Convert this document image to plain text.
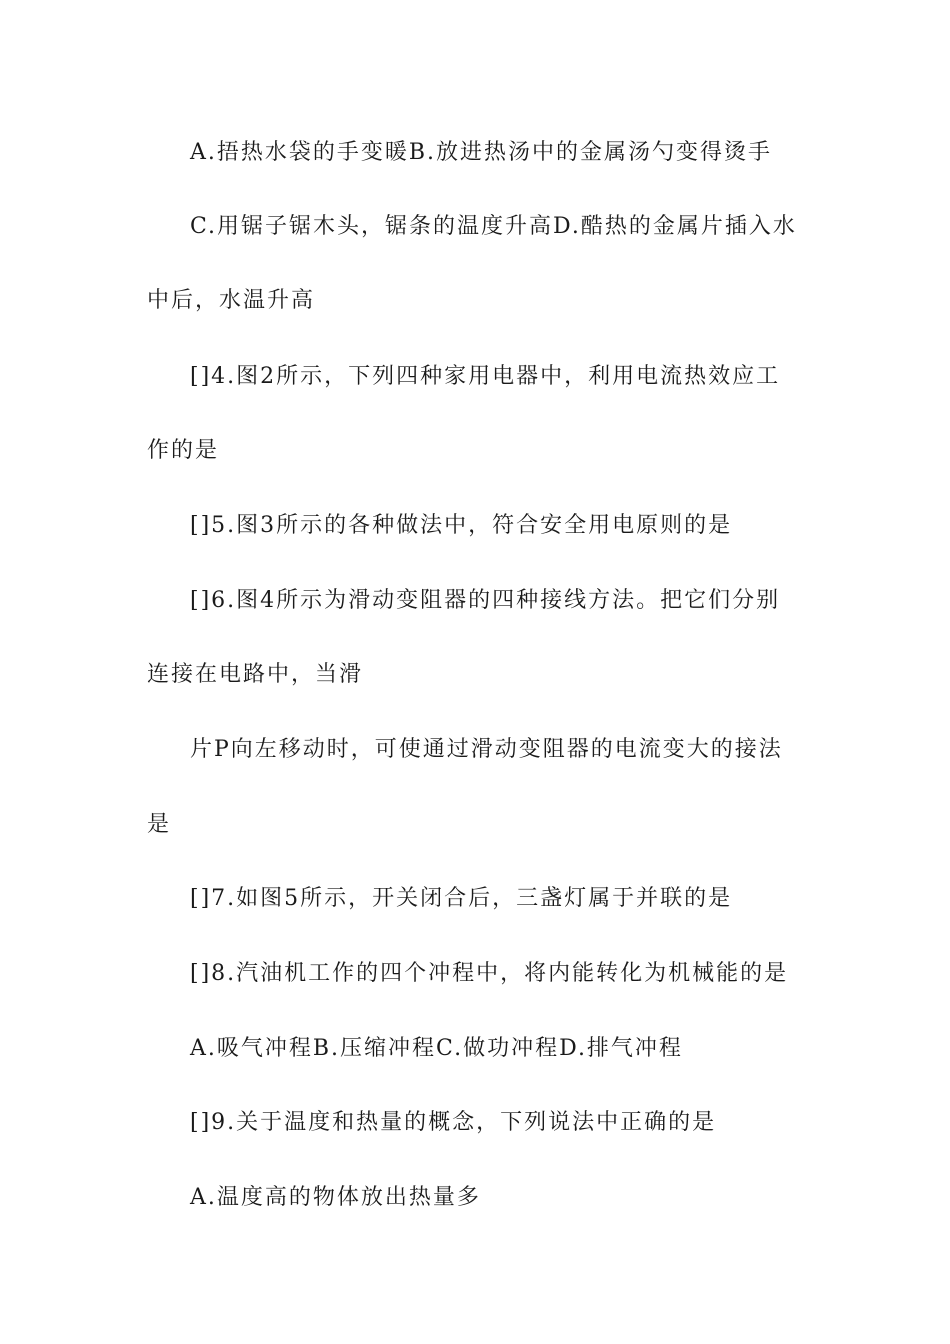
A.捂热水袋的手变暖B.放进热汤中的金属汤勺变得烫手
C.用锯子锯木头，锯条的温度升高D.酷热的金属片插入水
中后，水温升高
[]4.图2所示，下列四种家用电器中，利用电流热效应工
作的是
[]5.图3所示的各种做法中，符合安全用电原则的是
[]6.图4所示为滑动变阻器的四种接线方法。把它们分别
连接在电路中，当滑
片P向左移动时，可使通过滑动变阻器的电流变大的接法
是
[]7.如图5所示，开关闭合后，三盏灯属于并联的是
[]8.汽油机工作的四个冲程中，将内能转化为机械能的是
A.吸气冲程B.压缩冲程C.做功冲程D.排气冲程
[]9.关于温度和热量的概念，下列说法中正确的是
A.温度高的物体放出热量多
